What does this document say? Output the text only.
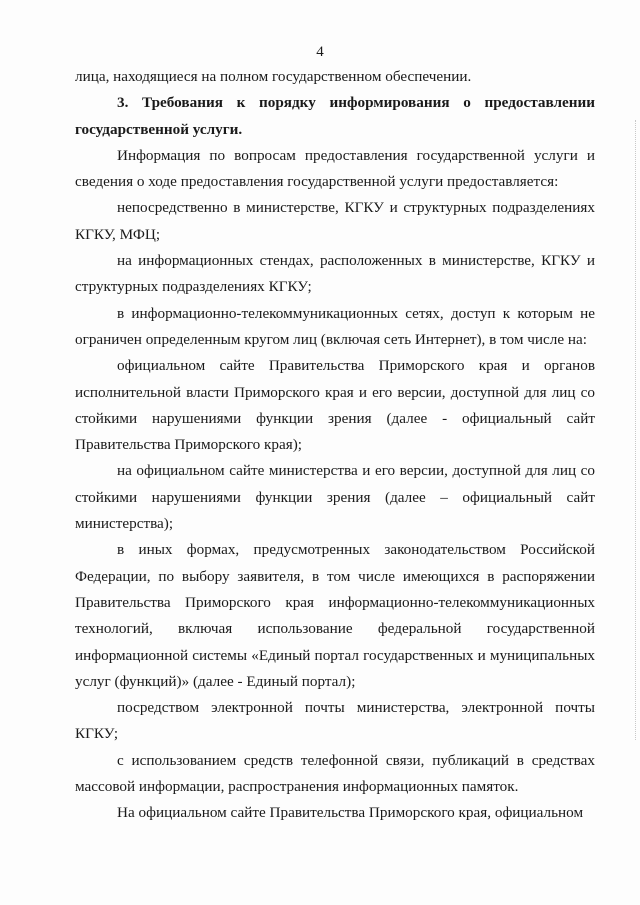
4

лица, находящиеся на полном государственном обеспечении.

3. Требования к порядку информирования о предоставлении государственной услуги.

Информация по вопросам предоставления государственной услуги и сведения о ходе предоставления государственной услуги предоставляется:

непосредственно в министерстве, КГКУ и структурных подразделениях КГКУ, МФЦ;

на информационных стендах, расположенных в министерстве, КГКУ и структурных подразделениях КГКУ;

в информационно-телекоммуникационных сетях, доступ к которым не ограничен определенным кругом лиц (включая сеть Интернет), в том числе на:

официальном сайте Правительства Приморского края и органов исполнительной власти Приморского края и его версии, доступной для лиц со стойкими нарушениями функции зрения (далее - официальный сайт Правительства Приморского края);

на официальном сайте министерства и его версии, доступной для лиц со стойкими нарушениями функции зрения (далее – официальный сайт министерства);

в иных формах, предусмотренных законодательством Российской Федерации, по выбору заявителя, в том числе имеющихся в распоряжении Правительства Приморского края информационно-телекоммуникационных технологий, включая использование федеральной государственной информационной системы «Единый портал государственных и муниципальных услуг (функций)» (далее - Единый портал);

посредством электронной почты министерства, электронной почты КГКУ;

с использованием средств телефонной связи, публикаций в средствах массовой информации, распространения информационных памяток.

На официальном сайте Правительства Приморского края, официальном
